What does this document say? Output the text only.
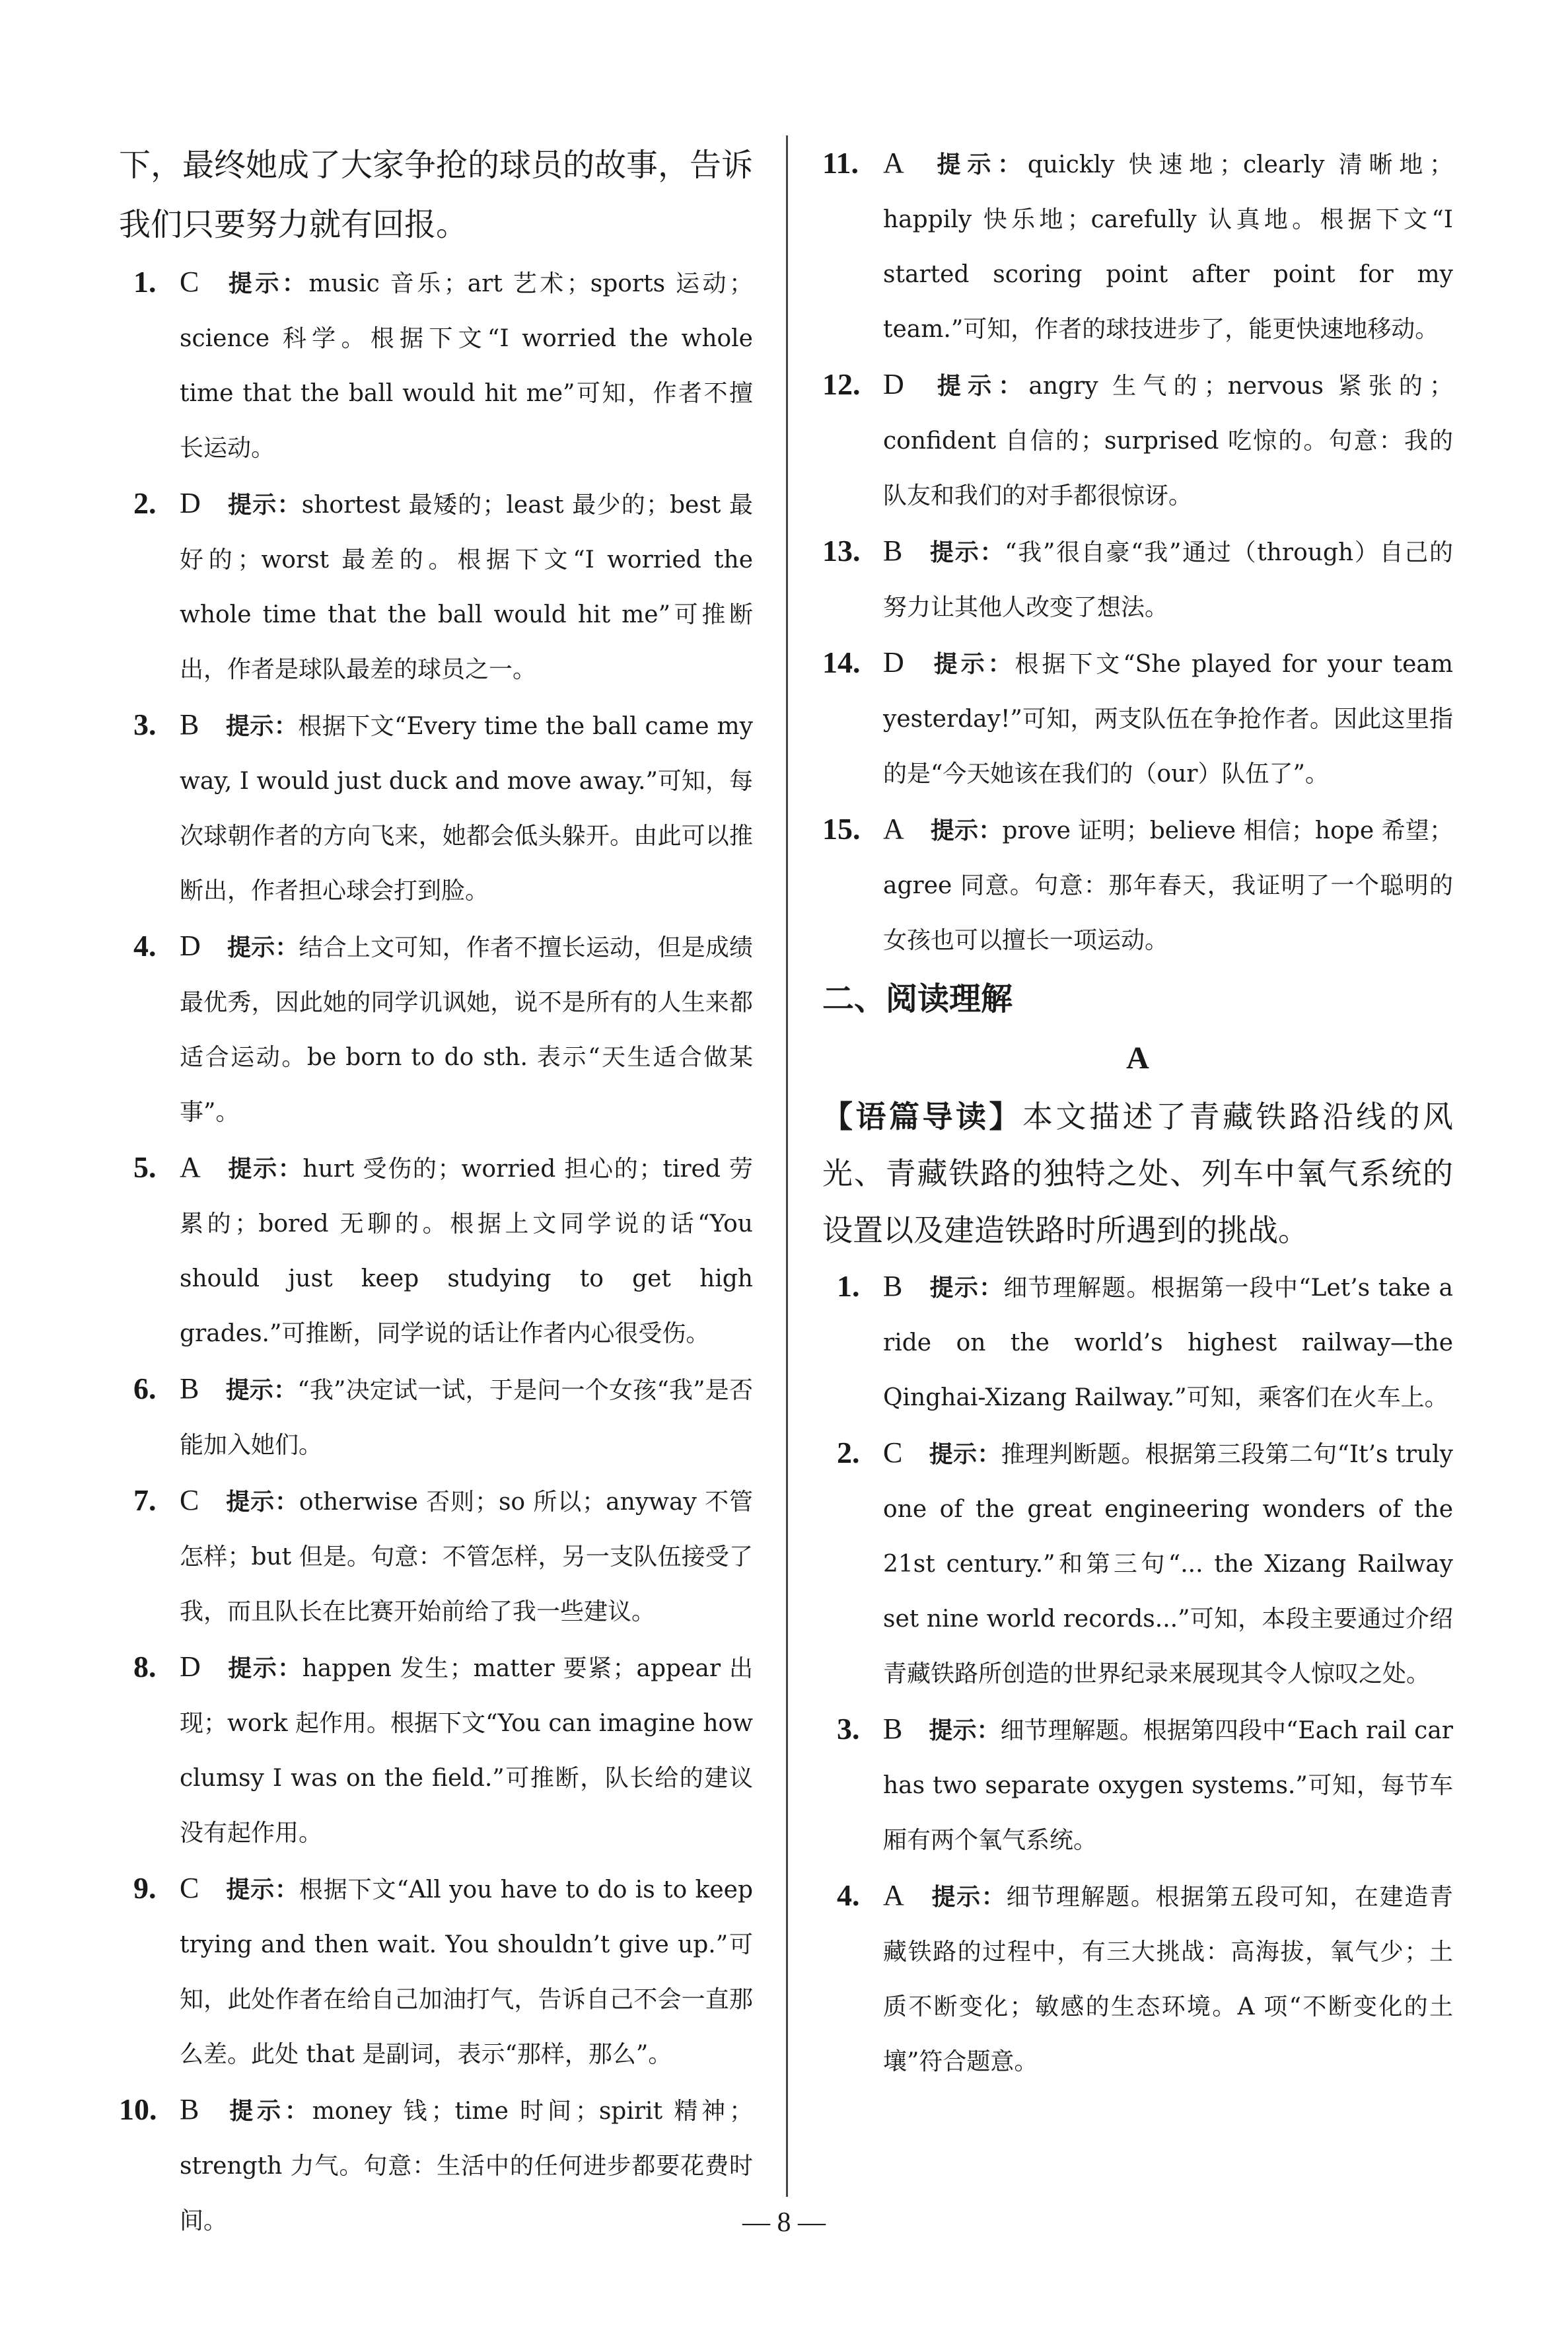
下，最终她成了大家争抢的球员的故事，告诉我们只要努力就有回报。
1. C 提示：music 音乐；art 艺术；sports 运动；science 科学。根据下文“I worried the whole time that the ball would hit me”可知，作者不擅长运动。
2. D 提示：shortest 最矮的；least 最少的；best 最好的；worst 最差的。根据下文“I worried the whole time that the ball would hit me”可推断出，作者是球队最差的球员之一。
3. B 提示：根据下文“Every time the ball came my way, I would just duck and move away.”可知，每次球朝作者的方向飞来，她都会低头躲开。由此可以推断出，作者担心球会打到脸。
4. D 提示：结合上文可知，作者不擅长运动，但是成绩最优秀，因此她的同学讥讽她，说不是所有的人生来都适合运动。be born to do sth. 表示“天生适合做某事”。
5. A 提示：hurt 受伤的；worried 担心的；tired 劳累的；bored 无聊的。根据上文同学说的话“You should just keep studying to get high grades.”可推断，同学说的话让作者内心很受伤。
6. B 提示：“我”决定试一试，于是问一个女孩“我”是否能加入她们。
7. C 提示：otherwise 否则；so 所以；anyway 不管怎样；but 但是。句意：不管怎样，另一支队伍接受了我，而且队长在比赛开始前给了我一些建议。
8. D 提示：happen 发生；matter 要紧；appear 出现；work 起作用。根据下文“You can imagine how clumsy I was on the field.”可推断，队长给的建议没有起作用。
9. C 提示：根据下文“All you have to do is to keep trying and then wait. You shouldn’t give up.”可知，此处作者在给自己加油打气，告诉自己不会一直那么差。此处 that 是副词，表示“那样，那么”。
10. B 提示：money 钱；time 时间；spirit 精神；strength 力气。句意：生活中的任何进步都要花费时间。
11. A 提示：quickly 快速地；clearly 清晰地；happily 快乐地；carefully 认真地。根据下文“I started scoring point after point for my team.”可知，作者的球技进步了，能更快速地移动。
12. D 提示：angry 生气的；nervous 紧张的；confident 自信的；surprised 吃惊的。句意：我的队友和我们的对手都很惊讶。
13. B 提示：“我”很自豪“我”通过（through）自己的努力让其他人改变了想法。
14. D 提示：根据下文“She played for your team yesterday!”可知，两支队伍在争抢作者。因此这里指的是“今天她该在我们的（our）队伍了”。
15. A 提示：prove 证明；believe 相信；hope 希望；agree 同意。句意：那年春天，我证明了一个聪明的女孩也可以擅长一项运动。
二、阅读理解
A
【语篇导读】本文描述了青藏铁路沿线的风光、青藏铁路的独特之处、列车中氧气系统的设置以及建造铁路时所遇到的挑战。
1. B 提示：细节理解题。根据第一段中“Let’s take a ride on the world’s highest railway—the Qinghai-Xizang Railway.”可知，乘客们在火车上。
2. C 提示：推理判断题。根据第三段第二句“It’s truly one of the great engineering wonders of the 21st century.”和第三句“... the Xizang Railway set nine world records...”可知，本段主要通过介绍青藏铁路所创造的世界纪录来展现其令人惊叹之处。
3. B 提示：细节理解题。根据第四段中“Each rail car has two separate oxygen systems.”可知，每节车厢有两个氧气系统。
4. A 提示：细节理解题。根据第五段可知，在建造青藏铁路的过程中，有三大挑战：高海拔，氧气少；土质不断变化；敏感的生态环境。A 项“不断变化的土壤”符合题意。
— 8 —
